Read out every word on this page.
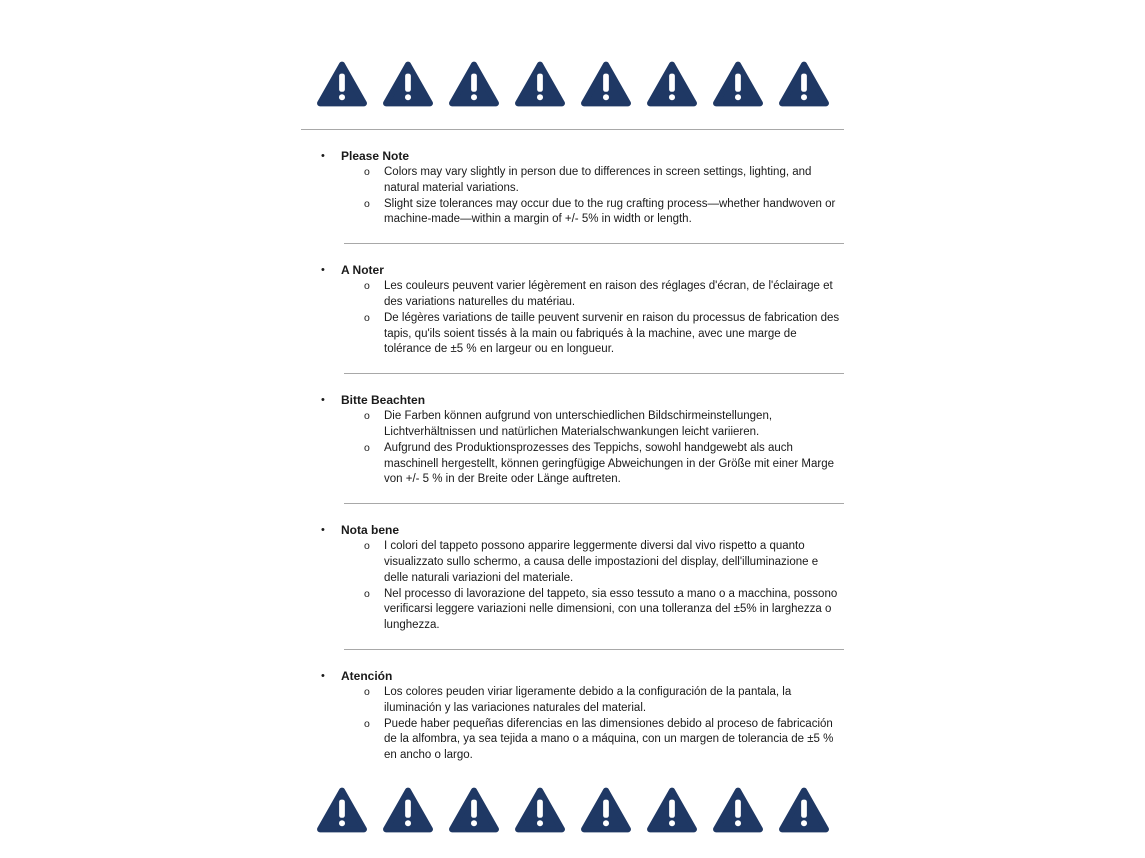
•	Please Note
o	Colors may vary slightly in person due to differences in screen settings, lighting, and natural material variations.
o	Slight size tolerances may occur due to the rug crafting process—whether handwoven or machine-made—within a margin of +/- 5% in width or length.
•	A Noter
o	Les couleurs peuvent varier légèrement en raison des réglages d'écran, de l'éclairage et des variations naturelles du matériau.
o	De légères variations de taille peuvent survenir en raison du processus de fabrication des tapis, qu'ils soient tissés à la main ou fabriqués à la machine, avec une marge de tolérance de ±5 % en largeur ou en longueur.
•	Bitte Beachten
o	Die Farben können aufgrund von unterschiedlichen Bildschirmeinstellungen, Lichtverhältnissen und natürlichen Materialschwankungen leicht variieren.
o	Aufgrund des Produktionsprozesses des Teppichs, sowohl handgewebt als auch maschinell hergestellt, können geringfügige Abweichungen in der Größe mit einer Marge von +/- 5 % in der Breite oder Länge auftreten.
•	Nota bene
o	I colori del tappeto possono apparire leggermente diversi dal vivo rispetto a quanto visualizzato sullo schermo, a causa delle impostazioni del display, dell'illuminazione e delle naturali variazioni del materiale.
o	Nel processo di lavorazione del tappeto, sia esso tessuto a mano o a macchina, possono verificarsi leggere variazioni nelle dimensioni, con una tolleranza del ±5% in larghezza o lunghezza.
•	Atención
o	Los colores peuden viriar ligeramente debido a la configuración de la pantala, la iluminación y las variaciones naturales del material.
o	Puede haber pequeñas diferencias en las dimensiones debido al proceso de fabricación de la alfombra, ya sea tejida a mano o a máquina, con un margen de tolerancia de ±5 % en ancho o largo.
